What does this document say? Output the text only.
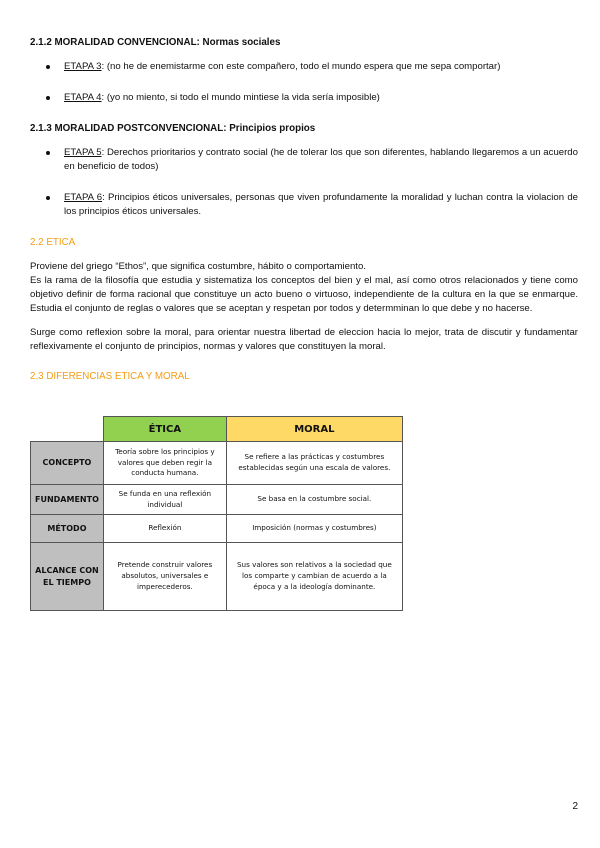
2.1.2 MORALIDAD CONVENCIONAL: Normas sociales
ETAPA 3: (no he de enemistarme con este compañero, todo el mundo espera que me sepa comportar)
ETAPA 4: (yo no miento, si todo el mundo mintiese la vida sería imposible)
2.1.3 MORALIDAD POSTCONVENCIONAL: Principios propios
ETAPA 5: Derechos prioritarios y contrato social (he de tolerar los que son diferentes, hablando llegaremos a un acuerdo en beneficio de todos)
ETAPA 6: Principios éticos universales, personas que viven profundamente la moralidad y luchan contra la violacion de los principios éticos universales.
2.2 ETICA

Proviene del griego “Ethos”, que significa costumbre, hábito o comportamiento.

Es la rama de la filosofía que estudia y sistematiza los conceptos del bien y el mal, así como otros relacionados y tiene como objetivo definir de forma racional que constituye un acto bueno o virtuoso, independiente de la cultura en la que se enmarque. Estudia el conjunto de reglas o valores que se aceptan y respetan por todos y determminan lo que debe y no hacerse.

Surge como reflexion sobre la moral, para orientar nuestra libertad de eleccion hacia lo mejor, trata de discutir y fundamentar reflexivamente el conjunto de principios, normas y valores que constituyen la moral.

2.3 DIFERENCIAS ETICA Y MORAL
	ÉTICA	MORAL
CONCEPTO	Teoría sobre los principios y valores que deben regir la conducta humana.	Se refiere a las prácticas y costumbres establecidas según una escala de valores.
FUNDAMENTO	Se funda en una reflexión individual	Se basa en la costumbre social.
MÉTODO	Reflexión	Imposición (normas y costumbres)
ALCANCE CON EL TIEMPO	Pretende construir valores absolutos, universales e imperecederos.	Sus valores son relativos a la sociedad que los comparte y cambian de acuerdo a la época y a la ideología dominante.
2
